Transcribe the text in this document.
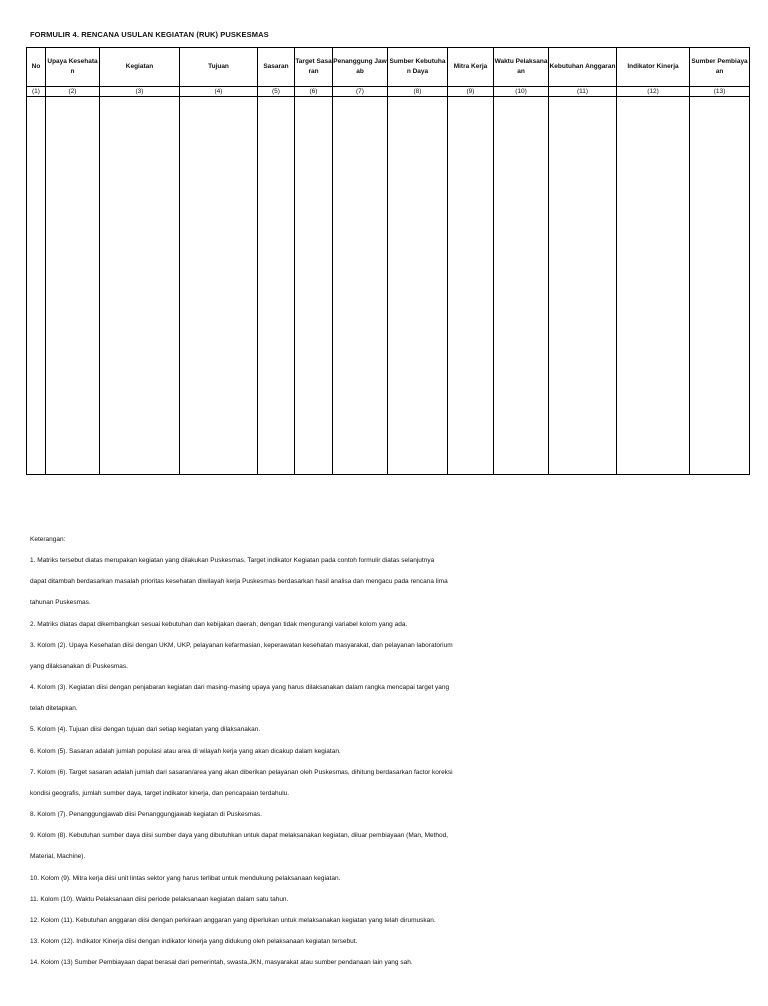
FORMULIR 4. RENCANA USULAN KEGIATAN (RUK) PUSKESMAS
No	Upaya Kesehatan	Kegiatan	Tujuan	Sasaran	Target Sasaran	Penanggung Jawab	Sumber Kebutuhan Daya	Mitra Kerja	Waktu Pelaksanaan	Kebutuhan Anggaran	Indikator Kinerja	Sumber Pembiayaan
(1)	(2)	(3)	(4)	(5)	(6)	(7)	(8)	(9)	(10)	(11)	(12)	(13)

Keterangan:

1. Matriks tersebut diatas merupakan kegiatan yang dilakukan Puskesmas. Target indikator Kegiatan pada contoh formulir diatas selanjutnya

dapat ditambah berdasarkan masalah prioritas kesehatan diwilayah kerja Puskesmas berdasarkan hasil analisa dan mengacu pada rencana lima

tahunan Puskesmas.

2. Matriks diatas dapat dikembangkan sesuai kebutuhan dan kebijakan daerah, dengan tidak mengurangi variabel kolom yang ada.

3. Kolom (2). Upaya Kesehatan diisi dengan UKM, UKP, pelayanan kefarmasian, keperawatan kesehatan masyarakat, dan pelayanan laboratorium

yang dilaksanakan di Puskesmas.

4. Kolom (3). Kegiatan diisi dengan penjabaran kegiatan dari masing-masing upaya yang harus dilaksanakan dalam rangka mencapai target yang

telah ditetapkan.

5. Kolom (4). Tujuan diisi dengan tujuan dari setiap kegiatan yang dilaksanakan.

6. Kolom (5). Sasaran adalah jumlah populasi atau area di wilayah kerja yang akan dicakup dalam kegiatan.

7. Kolom (6). Target sasaran adalah jumlah dari sasaran/area yang akan diberikan pelayanan oleh Puskesmas, dihitung berdasarkan factor koreksi

kondisi geografis, jumlah sumber daya, target indikator kinerja, dan pencapaian terdahulu.

8. Kolom (7). Penanggungjawab diisi Penanggungjawab kegiatan di Puskesmas.

9. Kolom (8). Kebutuhan sumber daya diisi sumber daya yang dibutuhkan untuk dapat melaksanakan kegiatan, diluar pembiayaan (Man, Method,

Material, Machine).

10. Kolom (9). Mitra kerja diisi unit lintas sektor yang harus terlibat untuk mendukung pelaksanaan kegiatan.

11. Kolom (10). Waktu Pelaksanaan diisi periode pelaksanaan kegiatan dalam satu tahun.

12. Kolom (11). Kebutuhan anggaran diisi dengan perkiraan anggaran yang diperlukan untuk melaksanakan kegiatan yang telah dirumuskan.

13. Kolom (12). Indikator Kinerja diisi dengan indikator kinerja yang didukung oleh pelaksanaan kegiatan tersebut.

14. Kolom (13) Sumber Pembiayaan dapat berasal dari pemerintah, swasta,JKN, masyarakat atau sumber pendanaan lain yang sah.
